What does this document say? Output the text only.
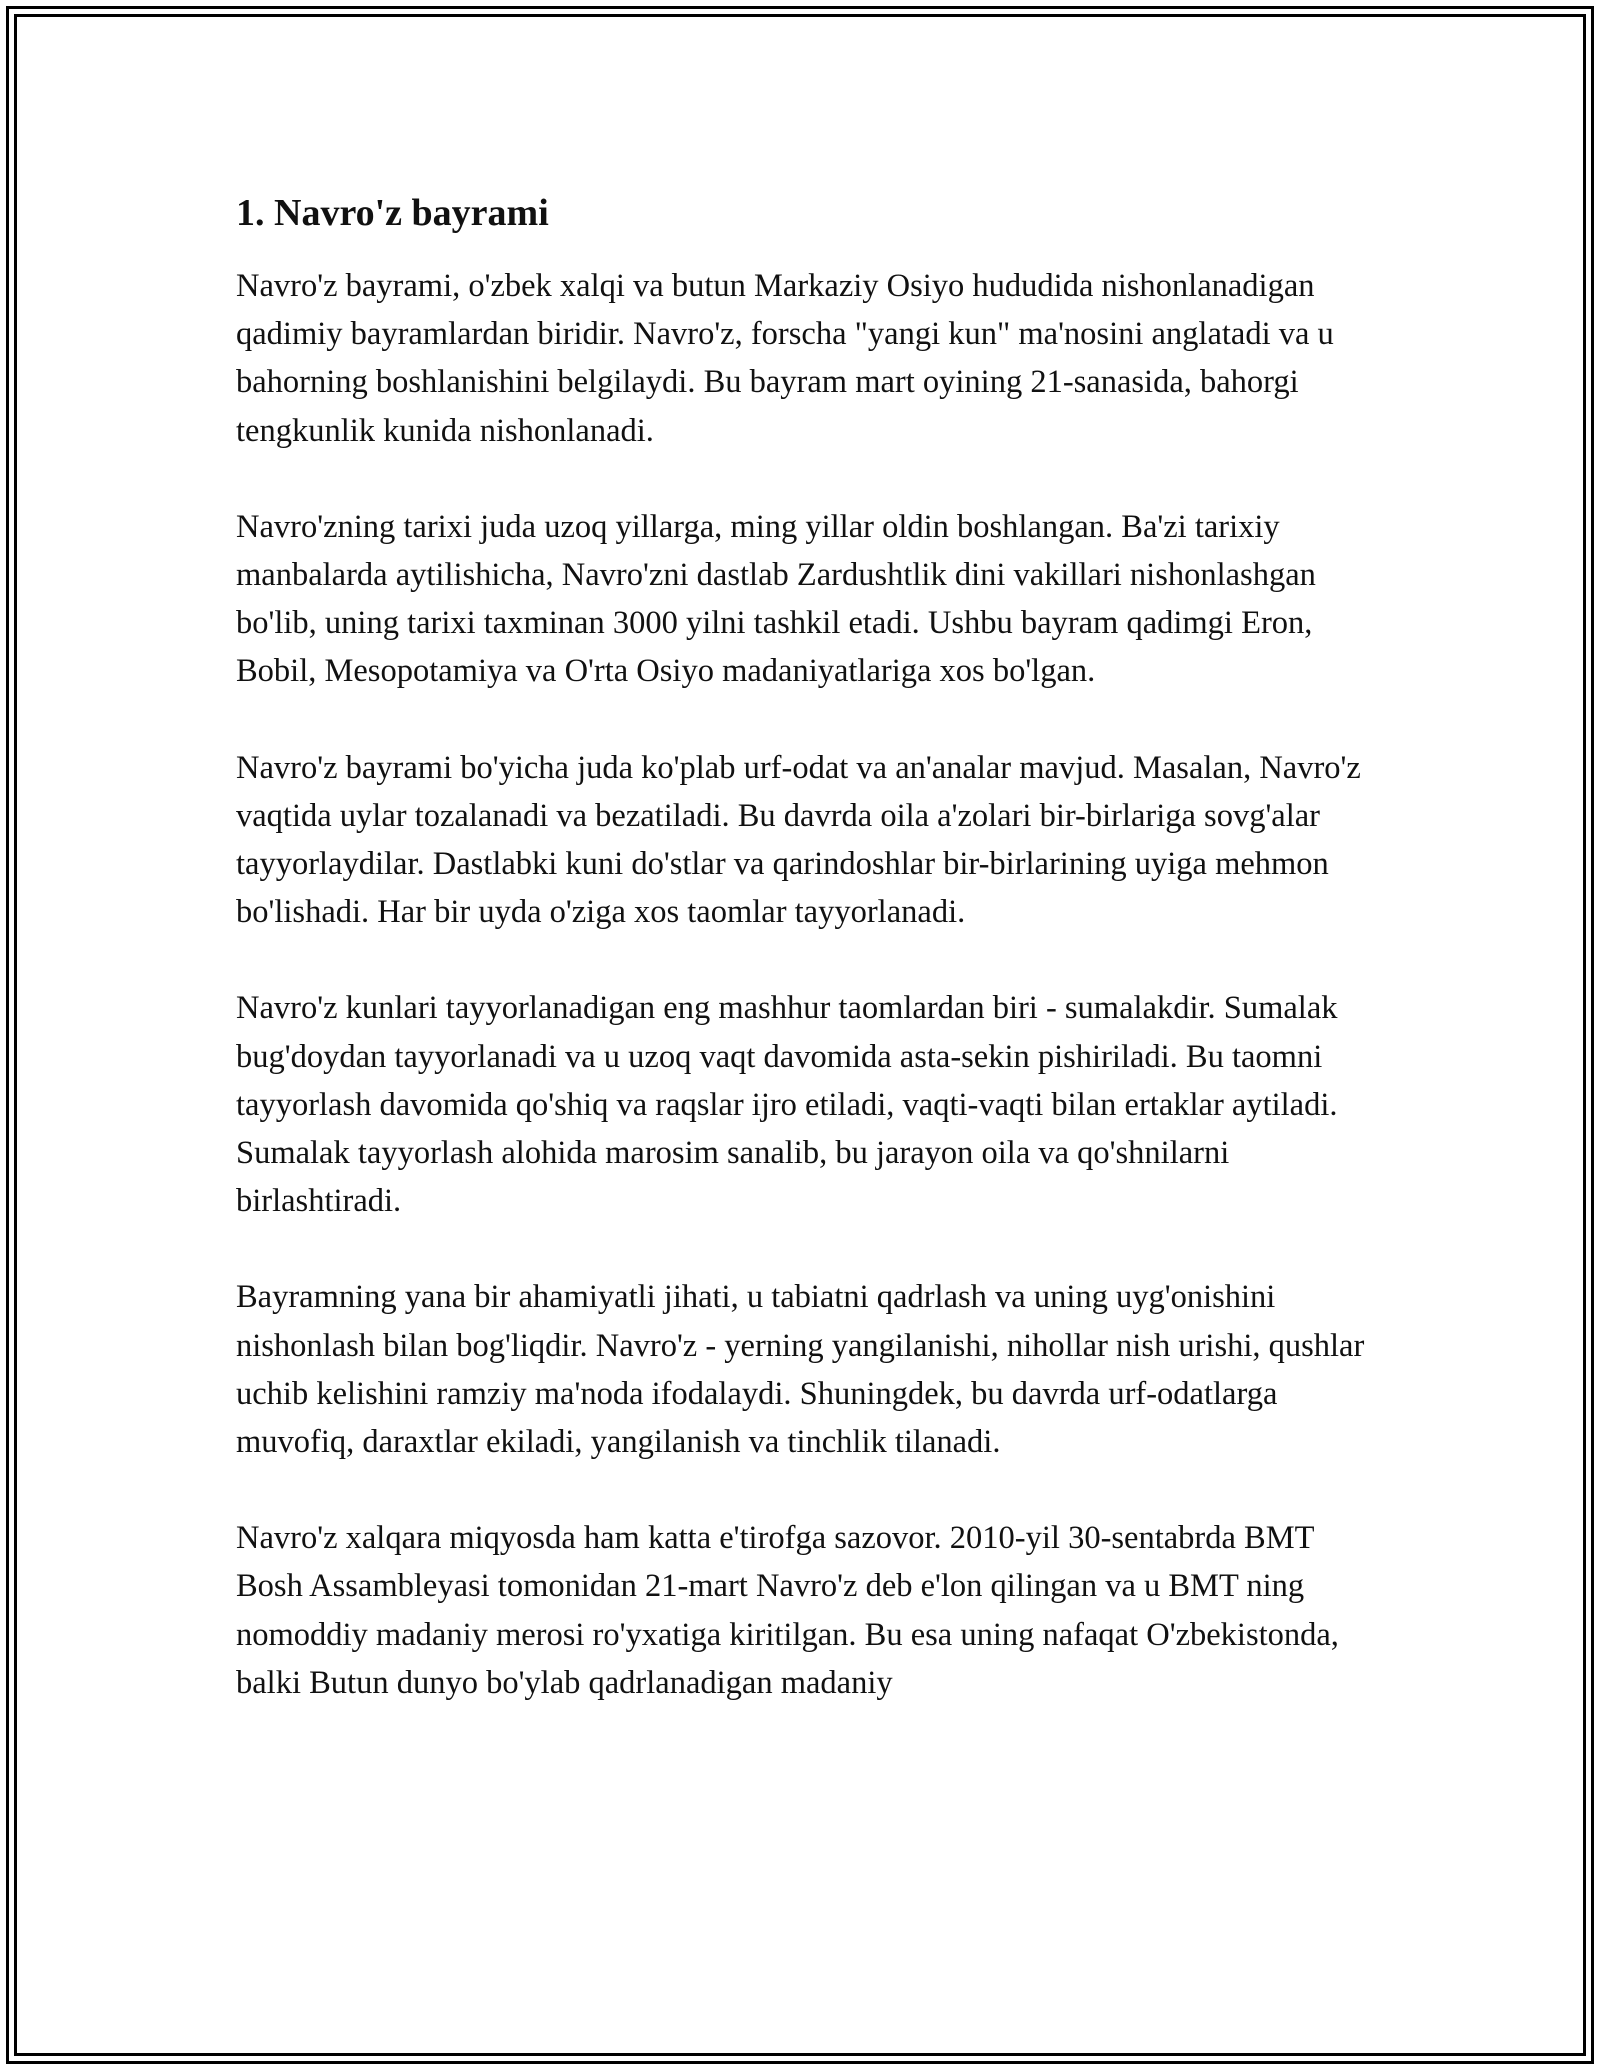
1. Navro'z bayrami

Navro'z bayrami, o'zbek xalqi va butun Markaziy Osiyo hududida nishonlanadigan qadimiy bayramlardan biridir. Navro'z, forscha "yangi kun" ma'nosini anglatadi va u bahorning boshlanishini belgilaydi. Bu bayram mart oyining 21-sanasida, bahorgi tengkunlik kunida nishonlanadi.

Navro'zning tarixi juda uzoq yillarga, ming yillar oldin boshlangan. Ba'zi tarixiy manbalarda aytilishicha, Navro'zni dastlab Zardushtlik dini vakillari nishonlashgan bo'lib, uning tarixi taxminan 3000 yilni tashkil etadi. Ushbu bayram qadimgi Eron, Bobil, Mesopotamiya va O'rta Osiyo madaniyatlariga xos bo'lgan.

Navro'z bayrami bo'yicha juda ko'plab urf-odat va an'analar mavjud. Masalan, Navro'z vaqtida uylar tozalanadi va bezatiladi. Bu davrda oila a'zolari bir-birlariga sovg'alar tayyorlaydilar. Dastlabki kuni do'stlar va qarindoshlar bir-birlarining uyiga mehmon bo'lishadi. Har bir uyda o'ziga xos taomlar tayyorlanadi.

Navro'z kunlari tayyorlanadigan eng mashhur taomlardan biri - sumalakdir. Sumalak bug'doydan tayyorlanadi va u uzoq vaqt davomida asta-sekin pishiriladi. Bu taomni tayyorlash davomida qo'shiq va raqslar ijro etiladi, vaqti-vaqti bilan ertaklar aytiladi. Sumalak tayyorlash alohida marosim sanalib, bu jarayon oila va qo'shnilarni birlashtiradi.

Bayramning yana bir ahamiyatli jihati, u tabiatni qadrlash va uning uyg'onishini nishonlash bilan bog'liqdir. Navro'z - yerning yangilanishi, nihollar nish urishi, qushlar uchib kelishini ramziy ma'noda ifodalaydi. Shuningdek, bu davrda urf-odatlarga muvofiq, daraxtlar ekiladi, yangilanish va tinchlik tilanadi.

Navro'z xalqara miqyosda ham katta e'tirofga sazovor. 2010-yil 30-sentabrda BMT Bosh Assambleyasi tomonidan 21-mart Navro'z deb e'lon qilingan va u BMT ning nomoddiy madaniy merosi ro'yxatiga kiritilgan. Bu esa uning nafaqat O'zbekistonda, balki Butun dunyo bo'ylab qadrlanadigan madaniy
